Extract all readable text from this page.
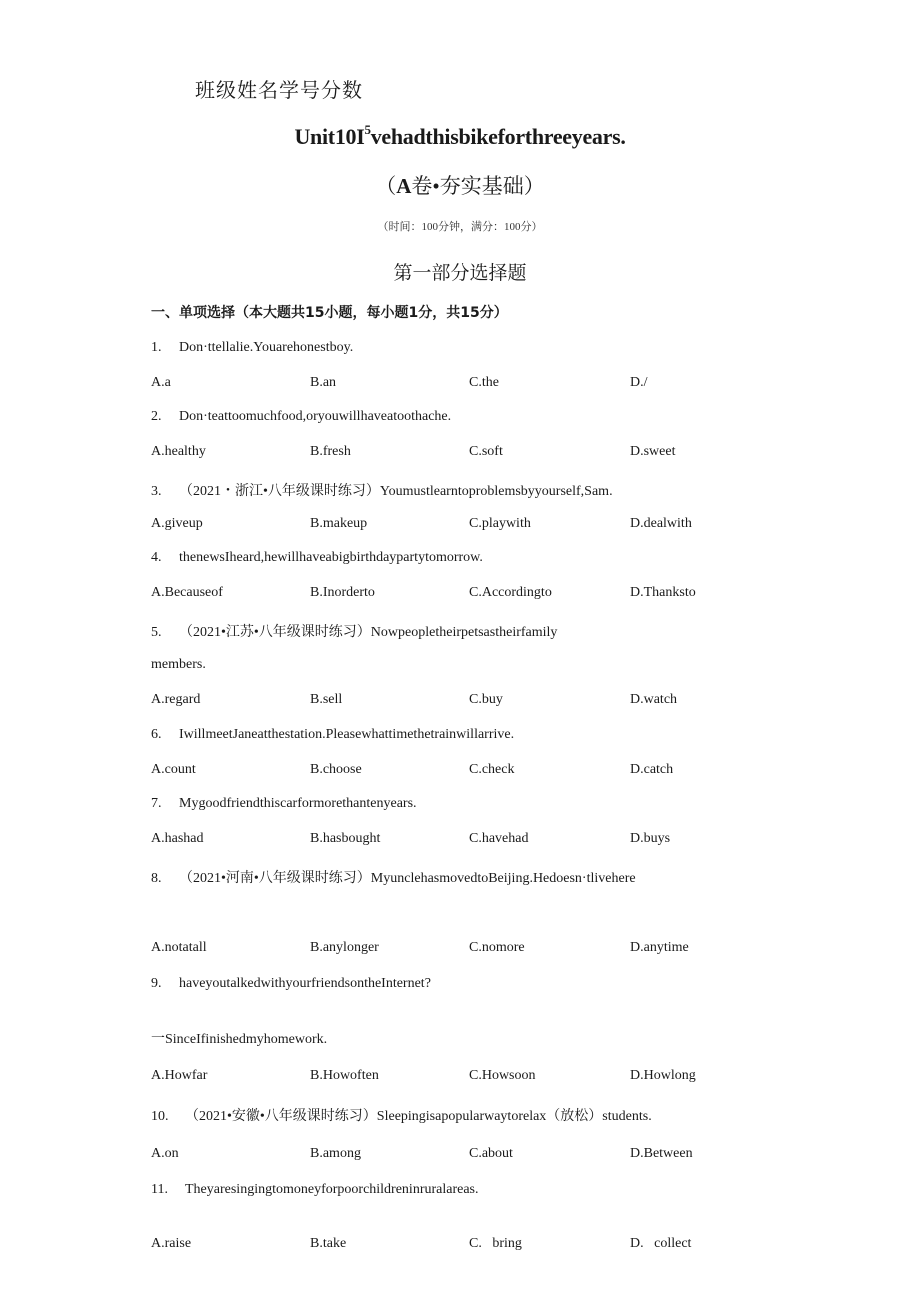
班级姓名学号分数
$Unit10I^5vehadthisbikeforthreeyears$.
（A卷•夯实基础）
（时间：100分钟，满分：100分）
第一部分选择题
一、单项选择（本大题共15小题，每小题1分，共15分）
1. Don·ttellalie.Youarehonestboy.
A.a	B.an	C.the	D./
2. Don·teattoomuchfood,oryouwillhaveatoothache.
A.healthy	B.fresh	C.soft	D.sweet
3. （2021・浙江•八年级课时练习）Youmustlearntoproblemsbyyourself,Sam.
A.giveup	B.makeup	C.playwith	D.dealwith
4. thenewsIheard,hewillhaveabigbirthdaypartytomorrow.
A.Becauseof	B.Inorderto	C.Accordingto	D.Thanksto
5. （2021•江苏•八年级课时练习）Nowpeopletheirpetsastheirfamily
members.
A.regard	B.sell	C.buy	D.watch
6. IwillmeetJaneatthestation.Pleasewhattimethetrainwillarrive.
A.count	B.choose	C.check	D.catch
7. Mygoodfriendthiscarformorethantenyears.
A.hashad	B.hasbought	C.havehad	D.buys
8. （2021•河南•八年级课时练习）MyunclehasmovedtoBeijing.Hedoesn·tlivehere
A.notatall	B.anylonger	C.nomore	D.anytime
9. haveyoutalkedwithyourfriendsontheInternet?
一SinceIfinishedmyhomework.
A.Howfar	B.Howoften	C.Howsoon	D.Howlong
10. （2021•安徽•八年级课时练习）Sleepingisapopularwaytorelax（放松）students.
A.on	B.among	C.about	D.Between
11. Theyaresingingtomoneyforpoorchildreninruralareas.
A.raise	B.take	C.   bring	D.   collect
